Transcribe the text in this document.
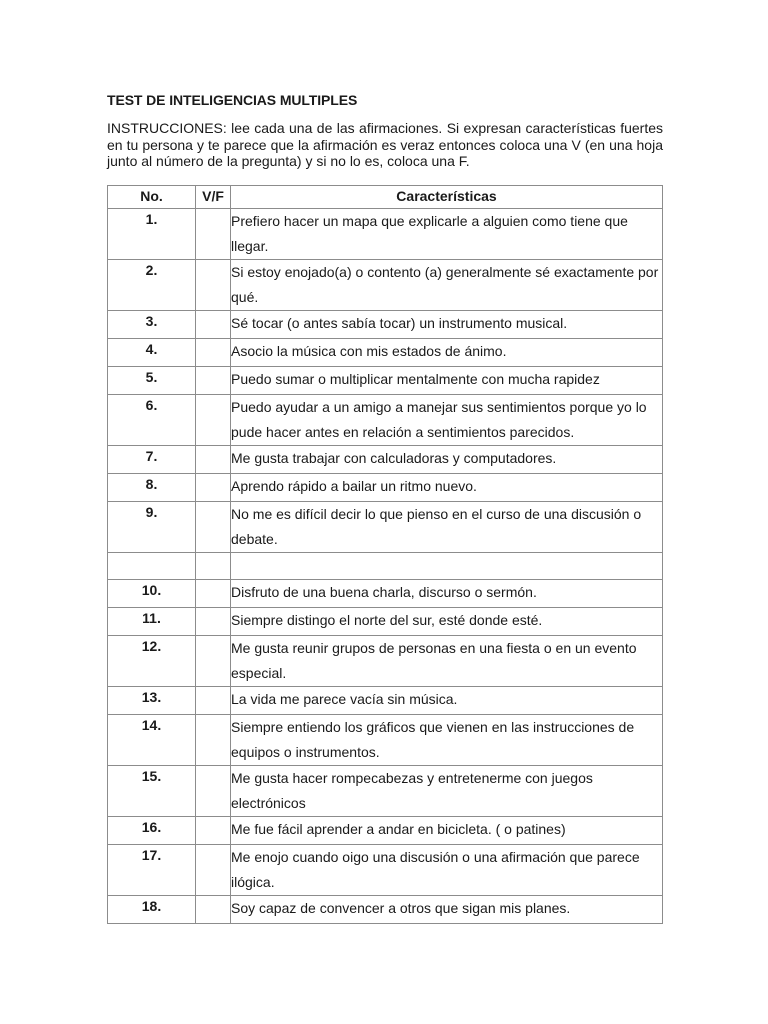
TEST DE INTELIGENCIAS MULTIPLES
INSTRUCCIONES: lee cada una de las afirmaciones. Si expresan características fuertes en tu persona y te parece que la afirmación es veraz entonces coloca una V (en una hoja junto al número de la pregunta) y si no lo es, coloca una F.
No.	V/F	Características
1.		Prefiero hacer un mapa que explicarle a alguien como tiene que llegar.
2.		Si estoy enojado(a) o contento (a) generalmente sé exactamente por qué.
3.		Sé tocar (o antes sabía tocar) un instrumento musical.
4.		Asocio la música con mis estados de ánimo.
5.		Puedo sumar o multiplicar mentalmente con mucha rapidez
6.		Puedo ayudar a un amigo a manejar sus sentimientos porque yo lo pude hacer antes en relación a sentimientos parecidos.
7.		Me gusta trabajar con calculadoras y computadores.
8.		Aprendo rápido a bailar un ritmo nuevo.
9.		No me es difícil decir lo que pienso en el curso de una discusión o debate.

10.		Disfruto de una buena charla, discurso o sermón.
11.		Siempre distingo el norte del sur, esté donde esté.
12.		Me gusta reunir grupos de personas en una fiesta o en un evento especial.
13.		La vida me parece vacía sin música.
14.		Siempre entiendo los gráficos que vienen en las instrucciones de equipos o instrumentos.
15.		Me gusta hacer rompecabezas y entretenerme con juegos electrónicos
16.		Me fue fácil aprender a andar en bicicleta. ( o patines)
17.		Me enojo cuando oigo una discusión o una afirmación que parece ilógica.
18.		Soy capaz de convencer a otros que sigan mis planes.
